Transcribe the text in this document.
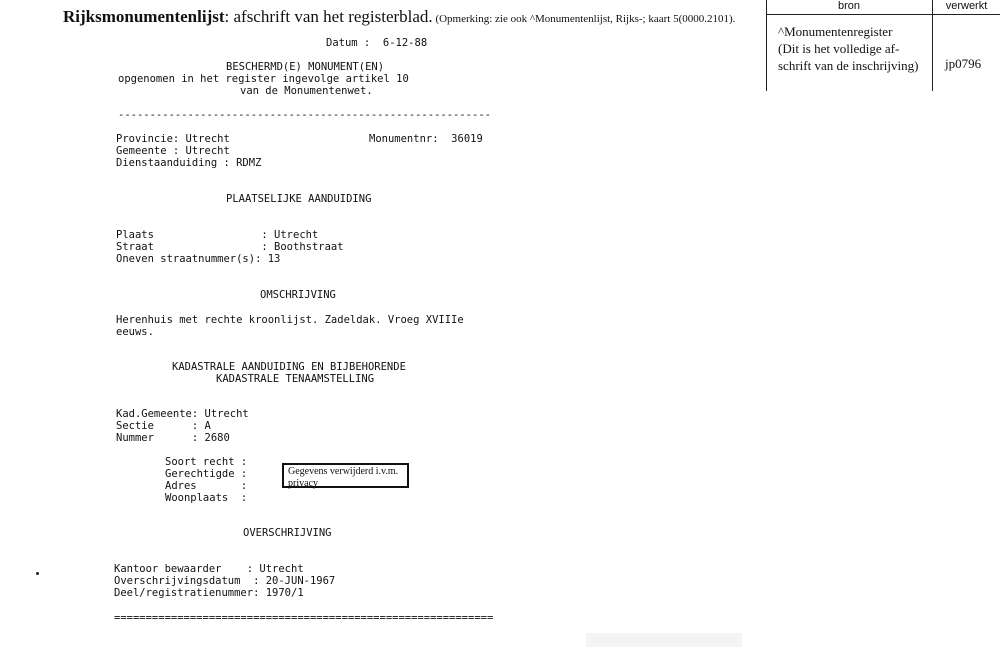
Rijksmonumentenlijst: afschrift van het registerblad. (Opmerking: zie ook ^Monumentenlijst, Rijks-; kaart 5(0000.2101).
bron	verwerkt
^Monumentenregister
(Dit is het volledige af-
schrift van de inschrijving)	jp0796
Datum :  6-12-88
BESCHERMD(E) MONUMENT(EN)
opgenomen in het register ingevolge artikel 10
van de Monumentenwet.
-----------------------------------------------------------
Provincie: Utrecht	Monumentnr:  36019
Gemeente : Utrecht
Dienstaanduiding : RDMZ
PLAATSELIJKE AANDUIDING
Plaats                 : Utrecht
Straat                 : Boothstraat
Oneven straatnummer(s): 13
OMSCHRIJVING
Herenhuis met rechte kroonlijst. Zadeldak. Vroeg XVIIIe
eeuws.
KADASTRALE AANDUIDING EN BIJBEHORENDE
KADASTRALE TENAAMSTELLING
Kad.Gemeente: Utrecht
Sectie      : A
Nummer      : 2680
Soort recht :
Gerechtigde :
Adres       :
Woonplaats  :
Gegevens verwijderd i.v.m. privacy
OVERSCHRIJVING
Kantoor bewaarder    : Utrecht
Overschrijvingsdatum  : 20-JUN-1967
Deel/registratienummer: 1970/1
============================================================
